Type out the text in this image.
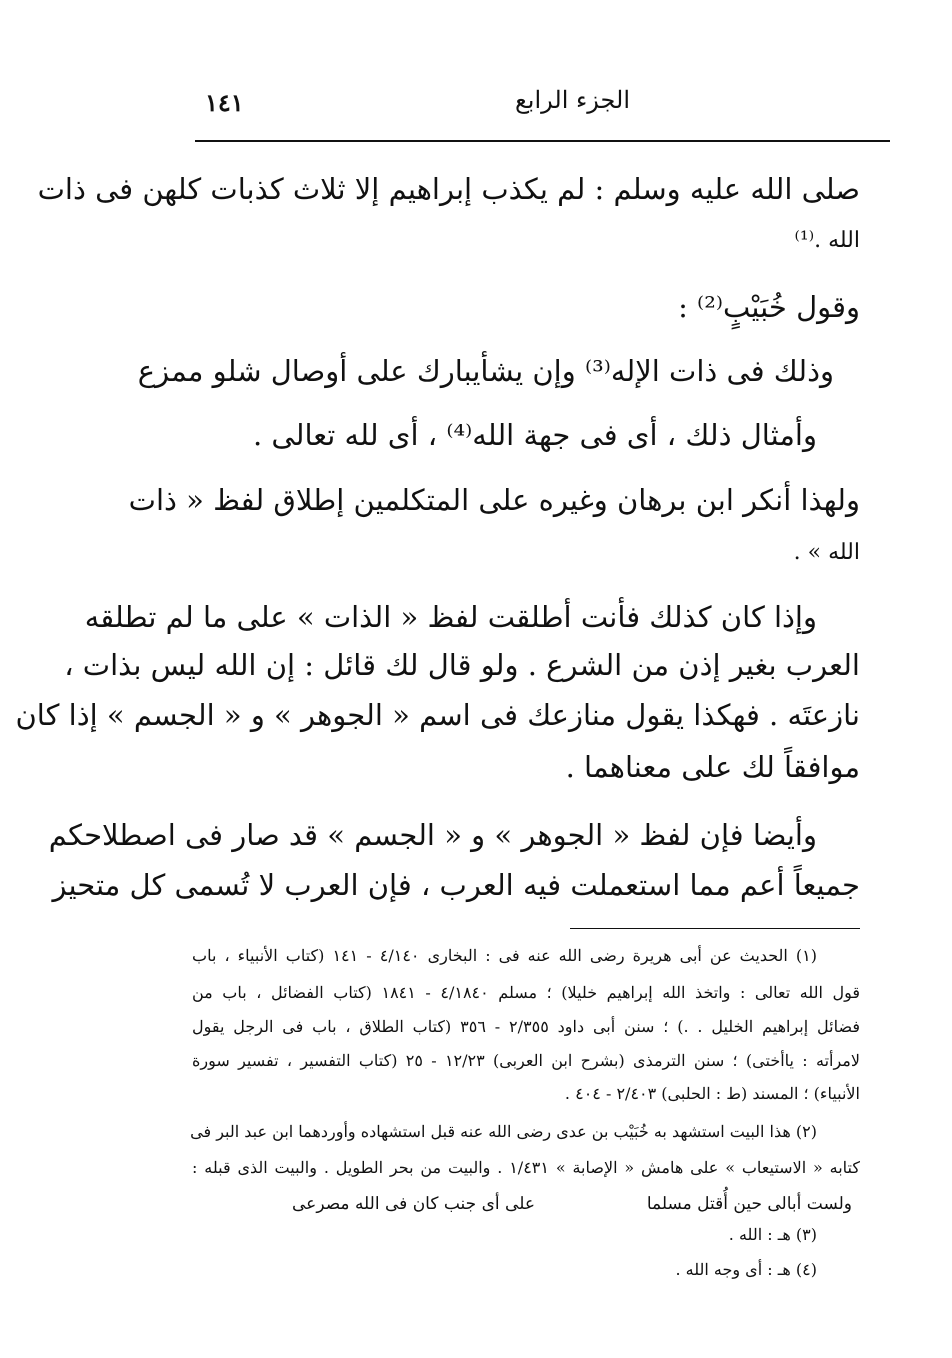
الجزء الرابع
١٤١
صلى الله عليه وسلم : لم يكذب إبراهيم إلا ثلاث كذبات كلهن فى ذات
الله .⁽¹⁾
وقول خُبَيْبٍ⁽²⁾ :
وذلك فى ذات الإله⁽³⁾ وإن يشأ
يبارك على أوصال شلو ممزع
وأمثال ذلك ، أى فى جهة الله⁽⁴⁾ ، أى لله تعالى .
ولهذا أنكر ابن برهان وغيره على المتكلمين إطلاق لفظ « ذات
الله » .
وإذا كان كذلك فأنت أطلقت لفظ « الذات » على ما لم تطلقه
العرب بغير إذن من الشرع . ولو قال لك قائل : إن الله ليس بذات ،
نازعتَه . فهكذا يقول منازعك فى اسم « الجوهر » و « الجسم » إذا كان
موافقاً لك على معناهما .
وأيضا فإن لفظ « الجوهر » و « الجسم » قد صار فى اصطلاحكم
جميعاً أعم مما استعملت فيه العرب ، فإن العرب لا تُسمى كل متحيز
(١) الحديث عن أبى هريرة رضى الله عنه فى : البخارى ٤/١٤٠ - ١٤١ (كتاب الأنبياء ، باب
قول الله تعالى : واتخذ الله إبراهيم خليلا) ؛ مسلم ٤/١٨٤٠ - ١٨٤١ (كتاب الفضائل ، باب من
فضائل إبراهيم الخليل . .) ؛ سنن أبى داود ٢/٣٥٥ - ٣٥٦ (كتاب الطلاق ، باب فى الرجل يقول
لامرأته : ياأختى) ؛ سنن الترمذى (بشرح ابن العربى) ١٢/٢٣ - ٢٥ (كتاب التفسير ، تفسير سورة
الأنبياء) ؛ المسند (ط : الحلبى) ٢/٤٠٣ - ٤٠٤ .
(٢) هذا البيت استشهد به خُبَيْب بن عدى رضى الله عنه قبل استشهاده وأوردهما ابن عبد البر فى
كتابه « الاستيعاب » على هامش « الإصابة » ١/٤٣١ . والبيت من بحر الطويل . والبيت الذى قبله :
ولست أبالى حين أُقتل مسلما
على أى جنب كان فى الله مصرعى
(٣) هـ : الله .
(٤) هـ : أى وجه الله .
